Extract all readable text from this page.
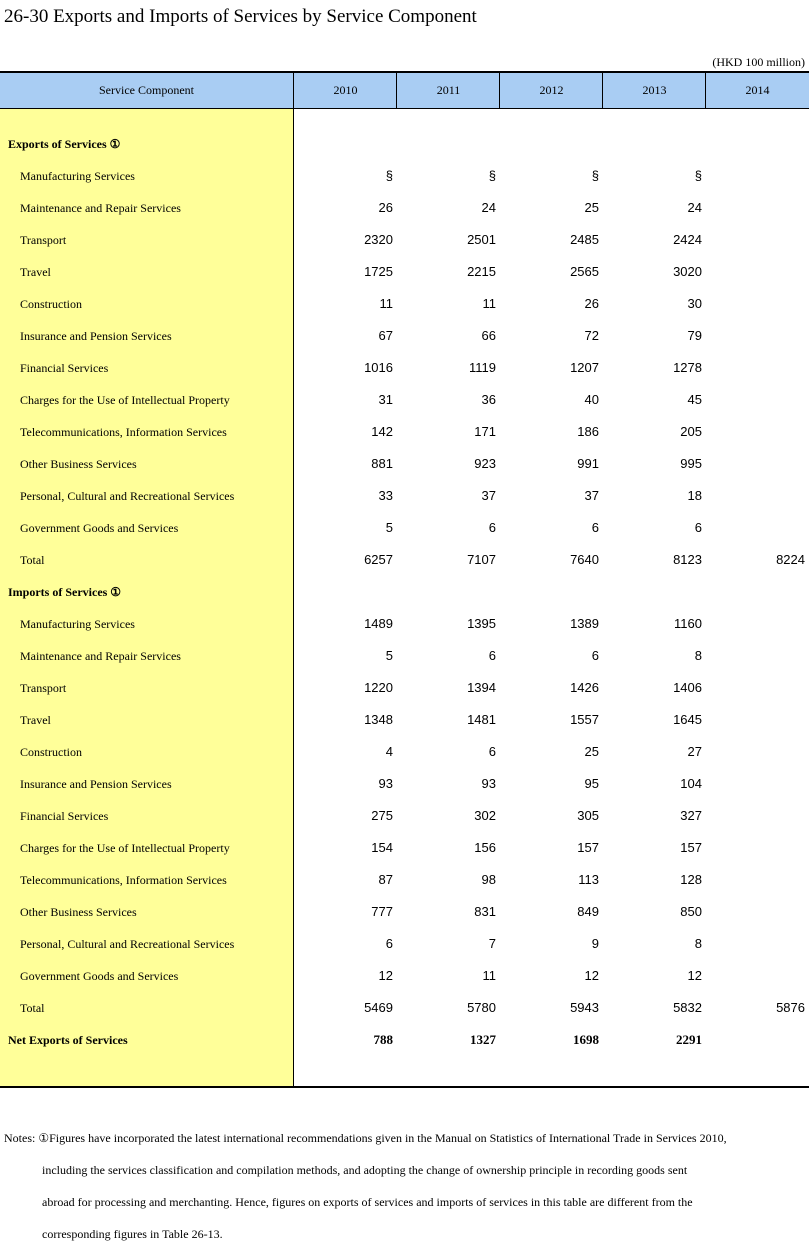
26-30 Exports and Imports of Services by Service Component
(HKD 100 million)
Service Component	2010	2011	2012	2013	2014
Exports of Services ①
Manufacturing Services	§	§	§	§
Maintenance and Repair Services	26	24	25	24
Transport	2320	2501	2485	2424
Travel	1725	2215	2565	3020
Construction	11	11	26	30
Insurance and Pension Services	67	66	72	79
Financial Services	1016	1119	1207	1278
Charges for the Use of Intellectual Property	31	36	40	45
Telecommunications, Information Services	142	171	186	205
Other Business Services	881	923	991	995
Personal, Cultural and Recreational Services	33	37	37	18
Government Goods and Services	5	6	6	6
Total	6257	7107	7640	8123	8224
Imports of Services ①
Manufacturing Services	1489	1395	1389	1160
Maintenance and Repair Services	5	6	6	8
Transport	1220	1394	1426	1406
Travel	1348	1481	1557	1645
Construction	4	6	25	27
Insurance and Pension Services	93	93	95	104
Financial Services	275	302	305	327
Charges for the Use of Intellectual Property	154	156	157	157
Telecommunications, Information Services	87	98	113	128
Other Business Services	777	831	849	850
Personal, Cultural and Recreational Services	6	7	9	8
Government Goods and Services	12	11	12	12
Total	5469	5780	5943	5832	5876
Net Exports of Services	788	1327	1698	2291
Notes: ①Figures have incorporated the latest international recommendations given in the Manual on Statistics of International Trade in Services 2010,
including the services classification and compilation methods, and adopting the change of ownership principle in recording goods sent
abroad for processing and merchanting. Hence, figures on exports of services and imports of services in this table are different from the
corresponding figures in Table 26-13.
